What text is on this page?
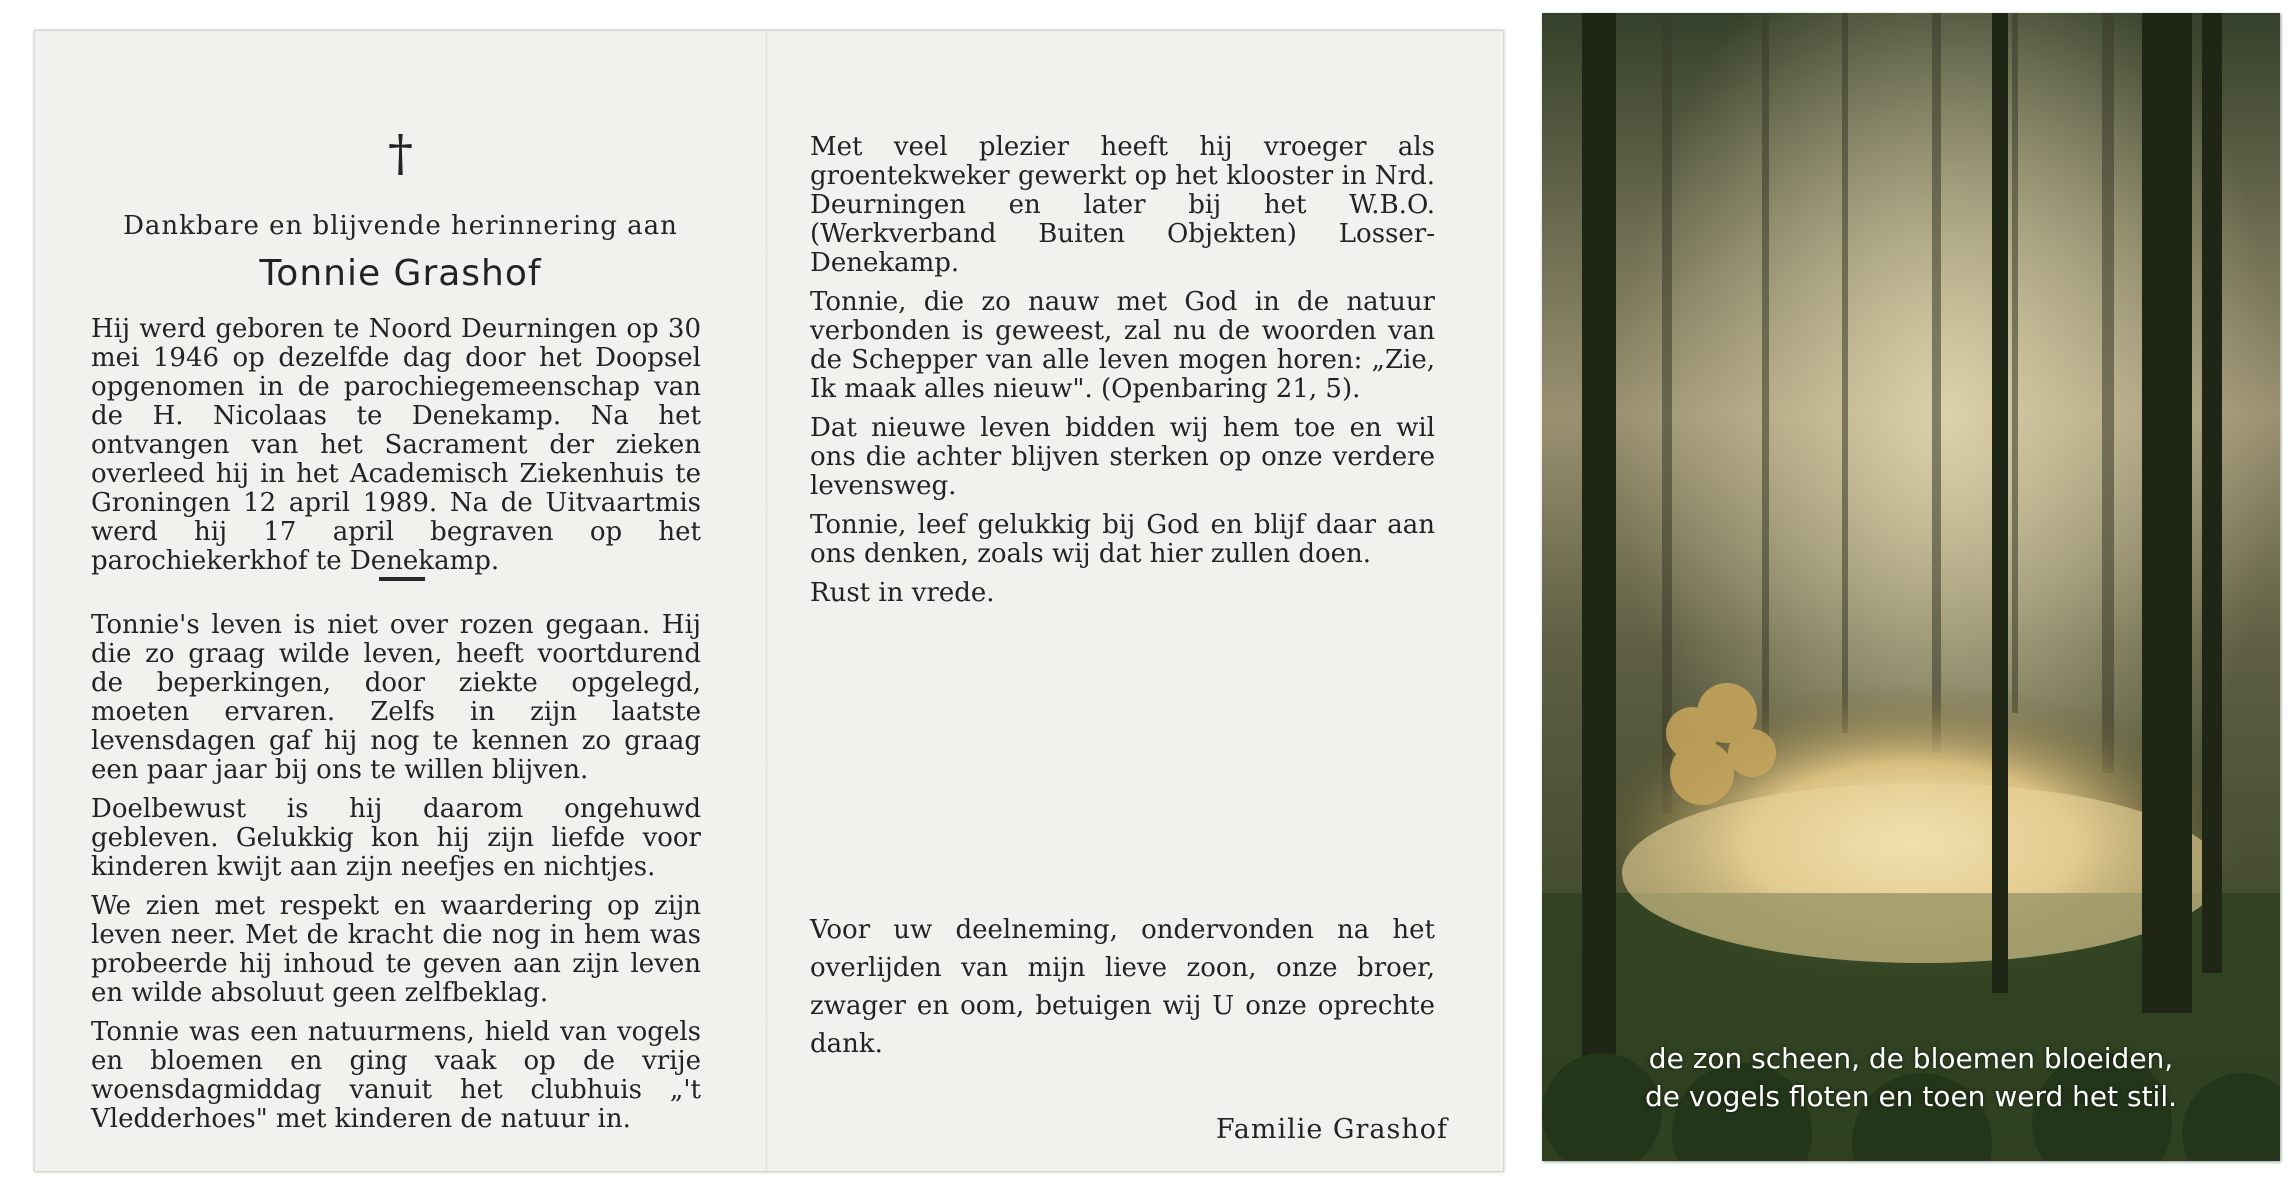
†
Dankbare en blijvende herinnering aan
Tonnie Grashof

Hij werd geboren te Noord Deurningen op 30 mei 1946 op dezelfde dag door het Doopsel opgenomen in de parochiegemeenschap van de H. Nicolaas te Denekamp. Na het ontvangen van het Sacrament der zieken overleed hij in het Academisch Ziekenhuis te Groningen 12 april 1989. Na de Uitvaartmis werd hij 17 april begraven op het parochiekerkhof te Denekamp.

Tonnie's leven is niet over rozen gegaan. Hij die zo graag wilde leven, heeft voortdurend de beperkingen, door ziekte opgelegd, moeten ervaren. Zelfs in zijn laatste levensdagen gaf hij nog te kennen zo graag een paar jaar bij ons te willen blijven.

Doelbewust is hij daarom ongehuwd gebleven. Gelukkig kon hij zijn liefde voor kinderen kwijt aan zijn neefjes en nichtjes.

We zien met respekt en waardering op zijn leven neer. Met de kracht die nog in hem was probeerde hij inhoud te geven aan zijn leven en wilde absoluut geen zelfbeklag.

Tonnie was een natuurmens, hield van vogels en bloemen en ging vaak op de vrije woensdagmiddag vanuit het clubhuis „'t Vledderhoes" met kinderen de natuur in.

Met veel plezier heeft hij vroeger als groentekweker gewerkt op het klooster in Nrd. Deurningen en later bij het W.B.O. (Werkverband Buiten Objekten) Losser-Denekamp.

Tonnie, die zo nauw met God in de natuur verbonden is geweest, zal nu de woorden van de Schepper van alle leven mogen horen: „Zie, Ik maak alles nieuw". (Openbaring 21, 5).

Dat nieuwe leven bidden wij hem toe en wil ons die achter blijven sterken op onze verdere levensweg.

Tonnie, leef gelukkig bij God en blijf daar aan ons denken, zoals wij dat hier zullen doen.

Rust in vrede.

Voor uw deelneming, ondervonden na het overlijden van mijn lieve zoon, onze broer, zwager en oom, betuigen wij U onze oprechte dank.

Familie Grashof
de zon scheen, de bloemen bloeiden,
de vogels floten en toen werd het stil.
